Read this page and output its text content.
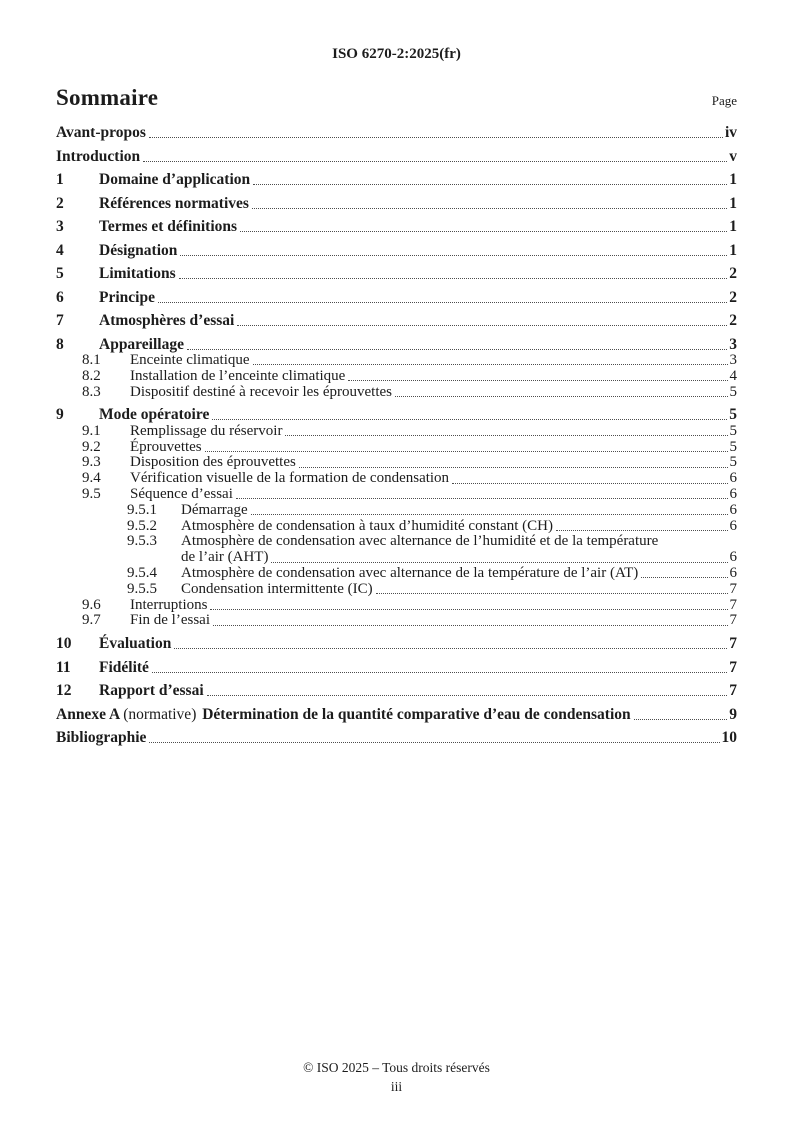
ISO 6270-2:2025(fr)
Sommaire	Page
Avant-propos	iv
Introduction	v
1	Domaine d’application	1
2	Références normatives	1
3	Termes et définitions	1
4	Désignation	1
5	Limitations	2
6	Principe	2
7	Atmosphères d’essai	2
8	Appareillage	3
8.1	Enceinte climatique	3
8.2	Installation de l’enceinte climatique	4
8.3	Dispositif destiné à recevoir les éprouvettes	5
9	Mode opératoire	5
9.1	Remplissage du réservoir	5
9.2	Éprouvettes	5
9.3	Disposition des éprouvettes	5
9.4	Vérification visuelle de la formation de condensation	6
9.5	Séquence d’essai	6
9.5.1	Démarrage	6
9.5.2	Atmosphère de condensation à taux d’humidité constant (CH)	6
9.5.3	Atmosphère de condensation avec alternance de l’humidité et de la température
de l’air (AHT)	6
9.5.4	Atmosphère de condensation avec alternance de la température de l’air (AT)	6
9.5.5	Condensation intermittente (IC)	7
9.6	Interruptions	7
9.7	Fin de l’essai	7
10	Évaluation	7
11	Fidélité	7
12	Rapport d’essai	7
Annexe A (normative) Détermination de la quantité comparative d’eau de condensation	9
Bibliographie	10
© ISO 2025 – Tous droits réservés
iii
